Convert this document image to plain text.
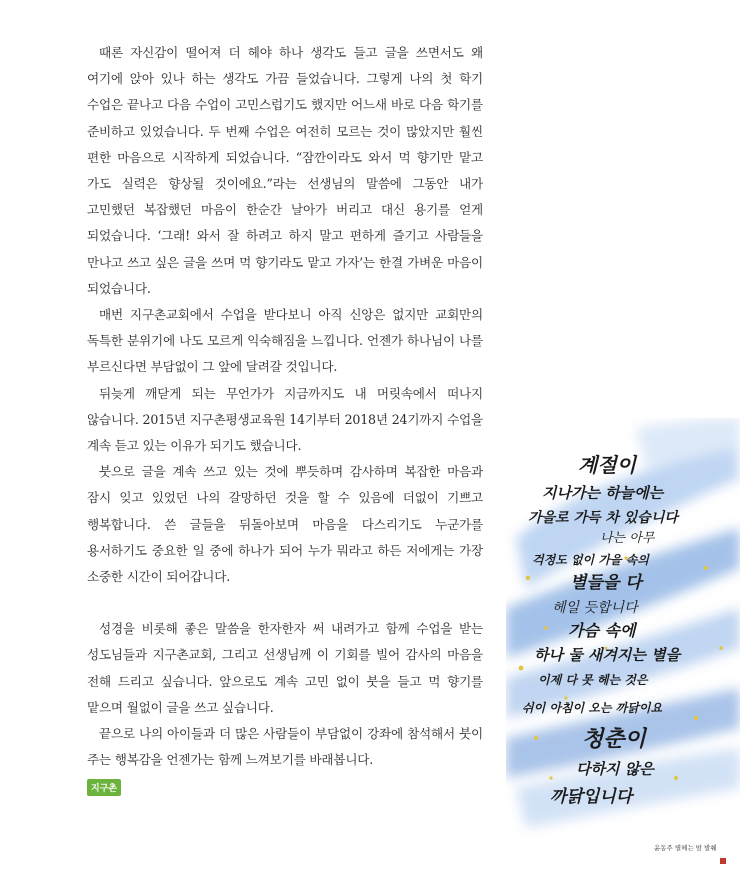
때론 자신감이 떨어져 더 헤야 하나 생각도 들고 글을 쓰면서도 왜 여기에 앉아 있나 하는 생각도 가끔 들었습니다. 그렇게 나의 첫 학기 수업은 끝나고 다음 수업이 고민스럽기도 했지만 어느새 바로 다음 학기를 준비하고 있었습니다. 두 번째 수업은 여전히 모르는 것이 많았지만 훨씬 편한 마음으로 시작하게 되었습니다. “잠깐이라도 와서 먹 향기만 맡고 가도 실력은 향상될 것이에요.”라는 선생님의 말씀에 그동안 내가 고민했던 복잡했던 마음이 한순간 날아가 버리고 대신 용기를 얻게 되었습니다. ‘그래! 와서 잘 하려고 하지 말고 편하게 즐기고 사람들을 만나고 쓰고 싶은 글을 쓰며 먹 향기라도 맡고 가자’는 한결 가벼운 마음이 되었습니다.

매번 지구촌교회에서 수업을 받다보니 아직 신앙은 없지만 교회만의 독특한 분위기에 나도 모르게 익숙해짐을 느낍니다. 언젠가 하나님이 나를 부르신다면 부담없이 그 앞에 달려갈 것입니다.

뒤늦게 깨닫게 되는 무언가가 지금까지도 내 머릿속에서 떠나지 않습니다. 2015년 지구촌평생교육원 14기부터 2018년 24기까지 수업을 계속 듣고 있는 이유가 되기도 했습니다.

붓으로 글을 계속 쓰고 있는 것에 뿌듯하며 감사하며 복잡한 마음과 잠시 잊고 있었던 나의 갈망하던 것을 할 수 있음에 더없이 기쁘고 행복합니다. 쓴 글들을 뒤돌아보며 마음을 다스리기도 누군가를 용서하기도 중요한 일 중에 하나가 되어 누가 뭐라고 하든 저에게는 가장 소중한 시간이 되어갑니다.

성경을 비롯해 좋은 말씀을 한자한자 써 내려가고 함께 수업을 받는 성도님들과 지구촌교회, 그리고 선생님께 이 기회를 빌어 감사의 마음을 전해 드리고 싶습니다. 앞으로도 계속 고민 없이 붓을 들고 먹 향기를 맡으며 월없이 글을 쓰고 싶습니다.

끝으로 나의 아이들과 더 많은 사람들이 부담없이 강좌에 참석해서 붓이 주는 행복감을 언젠가는 함께 느껴보기를 바래봅니다.

지구촌
계절이
지나가는 하늘에는
가을로 가득 차 있습니다
나는 아무
걱정도 없이 가을 속의
별들을 다
헤일 듯합니다
가슴 속에
하나 둘 새겨지는 별을
이제 다 못 헤는 것은
쉬이 아침이 오는 까닭이요
청춘이
다하지 않은
까닭입니다
윤동주 별헤는 밤 발췌
